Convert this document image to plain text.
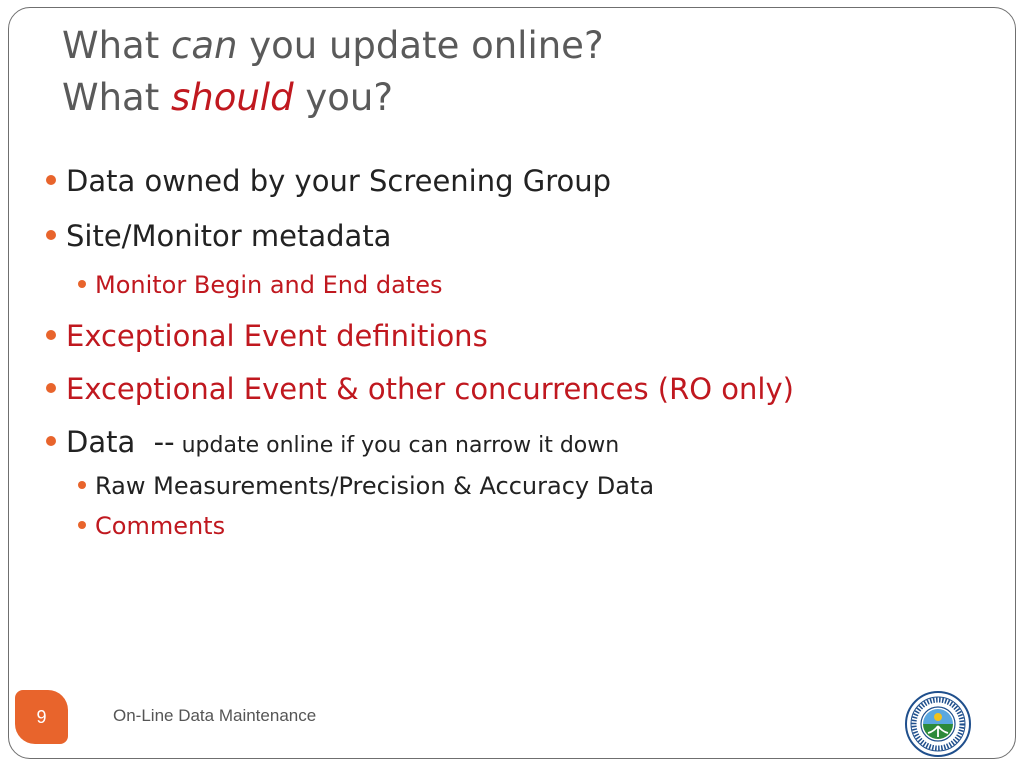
What can you update online?
What should you?
Data owned by your Screening Group
Site/Monitor metadata
Monitor Begin and End dates
Exceptional Event definitions
Exceptional Event & other concurrences (RO only)
Data  -- update online if you can narrow it down
Raw Measurements/Precision & Accuracy Data
Comments
9	On-Line Data Maintenance
